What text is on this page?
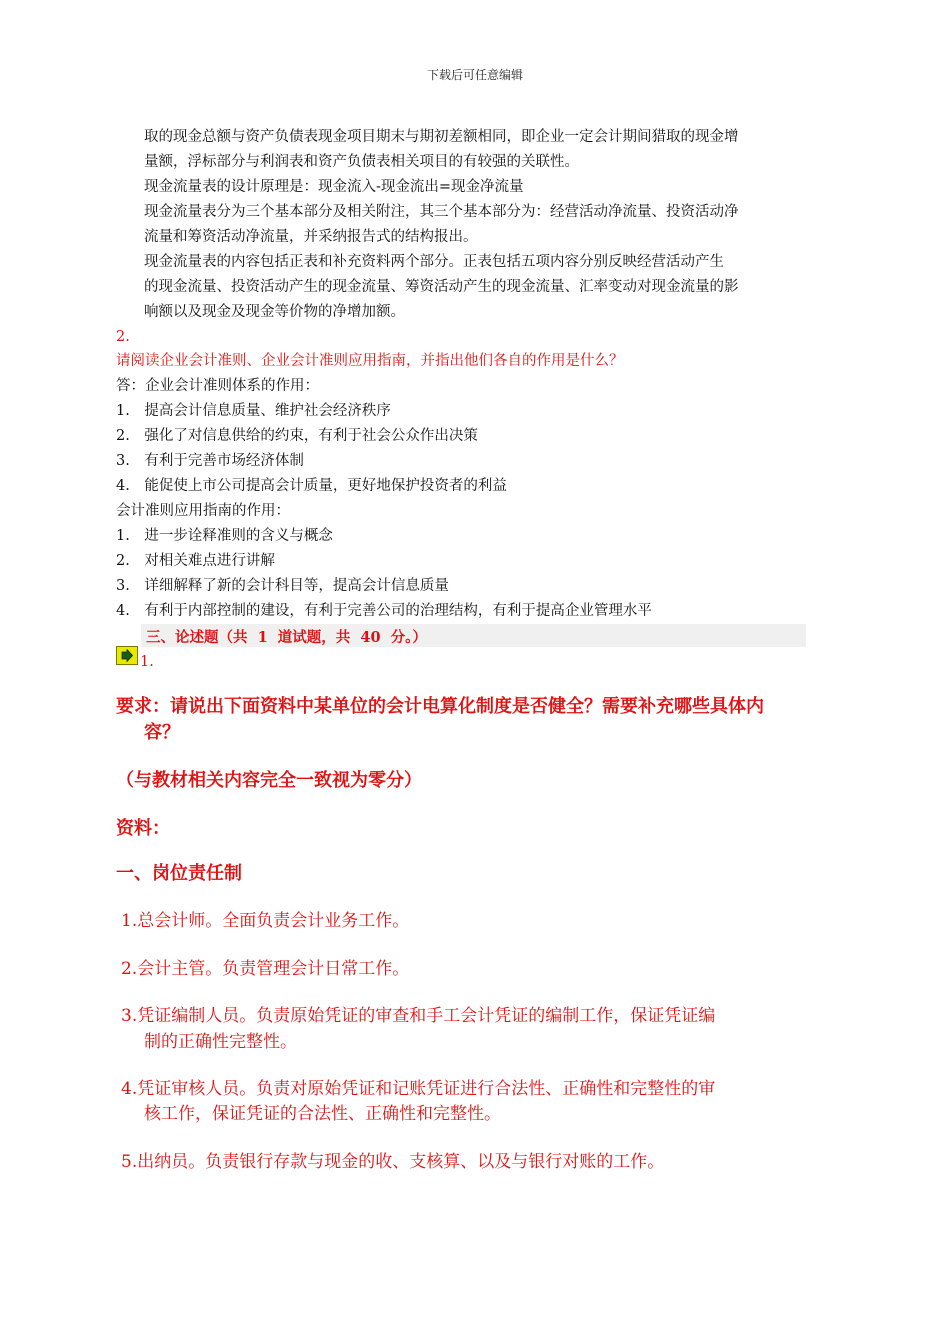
下载后可任意编辑
取的现金总额与资产负债表现金项目期末与期初差额相同，即企业一定会计期间猎取的现金增
量额，浮标部分与利润表和资产负债表相关项目的有较强的关联性。
现金流量表的设计原理是：现金流入-现金流出=现金净流量
现金流量表分为三个基本部分及相关附注，其三个基本部分为：经营活动净流量、投资活动净
流量和筹资活动净流量，并采纳报告式的结构报出。
现金流量表的内容包括正表和补充资料两个部分。正表包括五项内容分别反映经营活动产生
的现金流量、投资活动产生的现金流量、筹资活动产生的现金流量、汇率变动对现金流量的影
响额以及现金及现金等价物的净增加额。
2.
请阅读企业会计准则、企业会计准则应用指南，并指出他们各自的作用是什么？
答：企业会计准则体系的作用：
1.　提高会计信息质量、维护社会经济秩序
2.　强化了对信息供给的约束，有利于社会公众作出决策
3.　有利于完善市场经济体制
4.　能促使上市公司提高会计质量，更好地保护投资者的利益
会计准则应用指南的作用：
1.　进一步诠释准则的含义与概念
2.　对相关难点进行讲解
3.　详细解释了新的会计科目等，提高会计信息质量
4.　有利于内部控制的建设，有利于完善公司的治理结构，有利于提高企业管理水平
三、论述题（共  1  道试题，共  40  分。）
1.
要求：请说出下面资料中某单位的会计电算化制度是否健全？需要补充哪些具体内
容？
（与教材相关内容完全一致视为零分）
资料：
一、岗位责任制
1.总会计师。全面负责会计业务工作。
2.会计主管。负责管理会计日常工作。
3.凭证编制人员。负责原始凭证的审查和手工会计凭证的编制工作，保证凭证编
制的正确性完整性。
4.凭证审核人员。负责对原始凭证和记账凭证进行合法性、正确性和完整性的审
核工作，保证凭证的合法性、正确性和完整性。
5.出纳员。负责银行存款与现金的收、支核算、以及与银行对账的工作。
